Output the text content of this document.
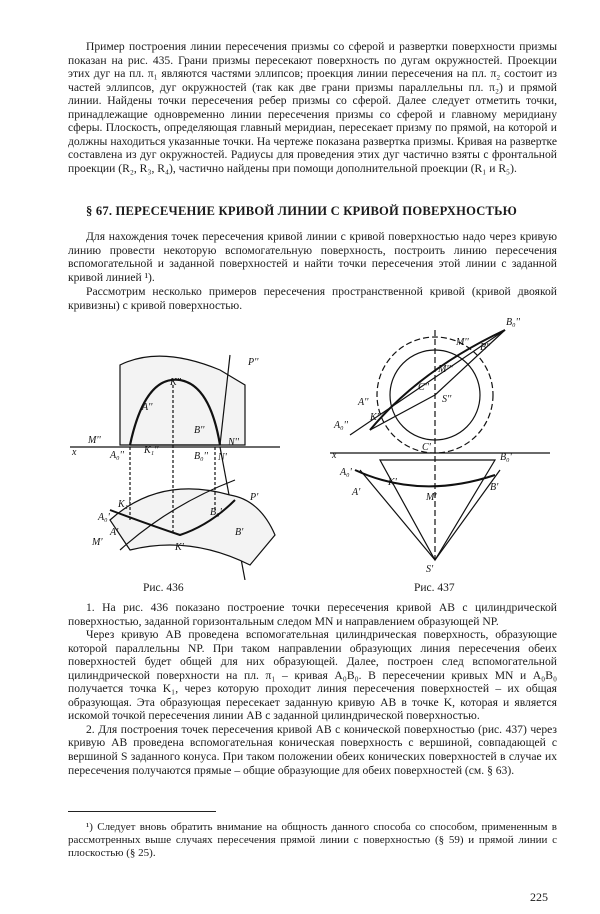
Пример построения линии пересечения призмы со сферой и развертки поверхности призмы показан на рис. 435. Грани призмы пересекают поверхность по дугам окружностей. Проекции этих дуг на пл. π₁ являются частями эллипсов; проекция линии пересечения на пл. π₂ состоит из частей эллипсов, дуг окружностей (так как две грани призмы параллельны пл. π₂) и прямой линии. Найдены точки пересечения ребер призмы со сферой. Далее следует отметить точки, принадлежащие одновременно линии пересечения призмы со сферой и главному меридиану сферы. Плоскость, определяющая главный меридиан, пересекает призму по прямой, на которой и должны находиться указанные точки. На чертеже показана развертка призмы. Кривая на развертке составлена из дуг окружностей. Радиусы для проведения этих дуг частично взяты с фронтальной проекции (R₂, R₃, R₄), частично найдены при помощи дополнительной проекции (R₁ и R₅).

§ 67. ПЕРЕСЕЧЕНИЕ КРИВОЙ ЛИНИИ С КРИВОЙ ПОВЕРХНОСТЬЮ

Для нахождения точек пересечения кривой линии с кривой поверхностью надо через кривую линию провести некоторую вспомогательную поверхность, построить линию пересечения вспомогательной и заданной поверхностей и найти точки пересечения этой линии с заданной кривой линией ¹).

Рассмотрим несколько примеров пересечения пространственной кривой (кривой двоякой кривизны) с кривой поверхностью.

P''
K''
A''
M''
A₀'' K₁''
B''
B₀''
N''
x	N'
P'
K₁'
A₀'
A'
M'	K'
B₀'
B'
Рис. 436
B₀''
M'' B''
A''
K''
C''
M'''
A₀''
S''
x
A₀'
C'
B₀'
A'
K'
M'
B'
S'
Рис. 437

1. На рис. 436 показано построение точки пересечения кривой AB с цилиндрической поверхностью, заданной горизонтальным следом MN и направлением образующей NP.

Через кривую AB проведена вспомогательная цилиндрическая поверхность, образующие которой параллельны NP. При таком направлении образующих линия пересечения обеих поверхностей будет общей для них образующей. Далее, построен след вспомогательной цилиндрической поверхности на пл. π₁ – кривая A₀B₀. В пересечении кривых MN и A₀B₀ получается точка K₁, через которую проходит линия пересечения поверхностей – их общая образующая. Эта образующая пересекает заданную кривую AB в точке K, которая и является искомой точкой пересечения линии AB с заданной цилиндрической поверхностью.

2. Для построения точек пересечения кривой AB с конической поверхностью (рис. 437) через кривую AB проведена вспомогательная коническая поверхность с вершиной, совпадающей с вершиной S заданного конуса. При таком положении обеих конических поверхностей в случае их пересечения получаются прямые – общие образующие для обеих поверхностей (см. § 63).

¹) Следует вновь обратить внимание на общность данного способа со способом, примененным в рассмотренных выше случаях пересечения прямой линии с поверхностью (§ 59) и прямой линии с плоскостью (§ 25).

225
